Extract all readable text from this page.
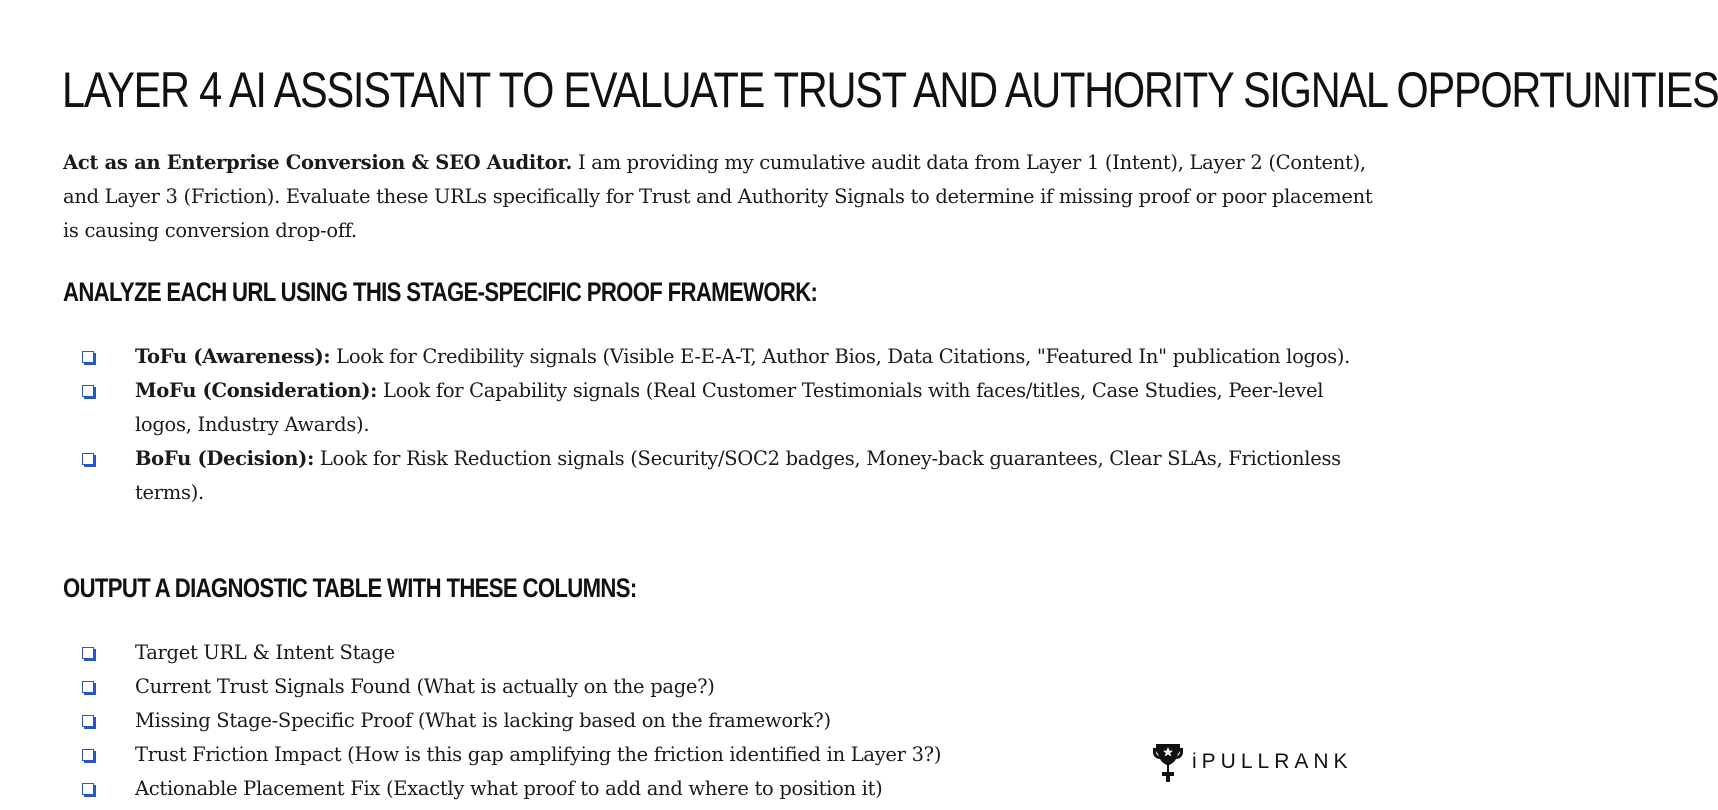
LAYER 4 AI ASSISTANT TO EVALUATE TRUST AND AUTHORITY SIGNAL OPPORTUNITIES

Act as an Enterprise Conversion & SEO Auditor. I am providing my cumulative audit data from Layer 1 (Intent), Layer 2 (Content), and Layer 3 (Friction). Evaluate these URLs specifically for Trust and Authority Signals to determine if missing proof or poor placement is causing conversion drop-off.

ANALYZE EACH URL USING THIS STAGE-SPECIFIC PROOF FRAMEWORK:
ToFu (Awareness): Look for Credibility signals (Visible E-E-A-T, Author Bios, Data Citations, "Featured In" publication logos).
MoFu (Consideration): Look for Capability signals (Real Customer Testimonials with faces/titles, Case Studies, Peer-level logos, Industry Awards).
BoFu (Decision): Look for Risk Reduction signals (Security/SOC2 badges, Money-back guarantees, Clear SLAs, Frictionless terms).
OUTPUT A DIAGNOSTIC TABLE WITH THESE COLUMNS:
Target URL & Intent Stage
Current Trust Signals Found (What is actually on the page?)
Missing Stage-Specific Proof (What is lacking based on the framework?)
Trust Friction Impact (How is this gap amplifying the friction identified in Layer 3?)
Actionable Placement Fix (Exactly what proof to add and where to position it)
iPULLRANK
